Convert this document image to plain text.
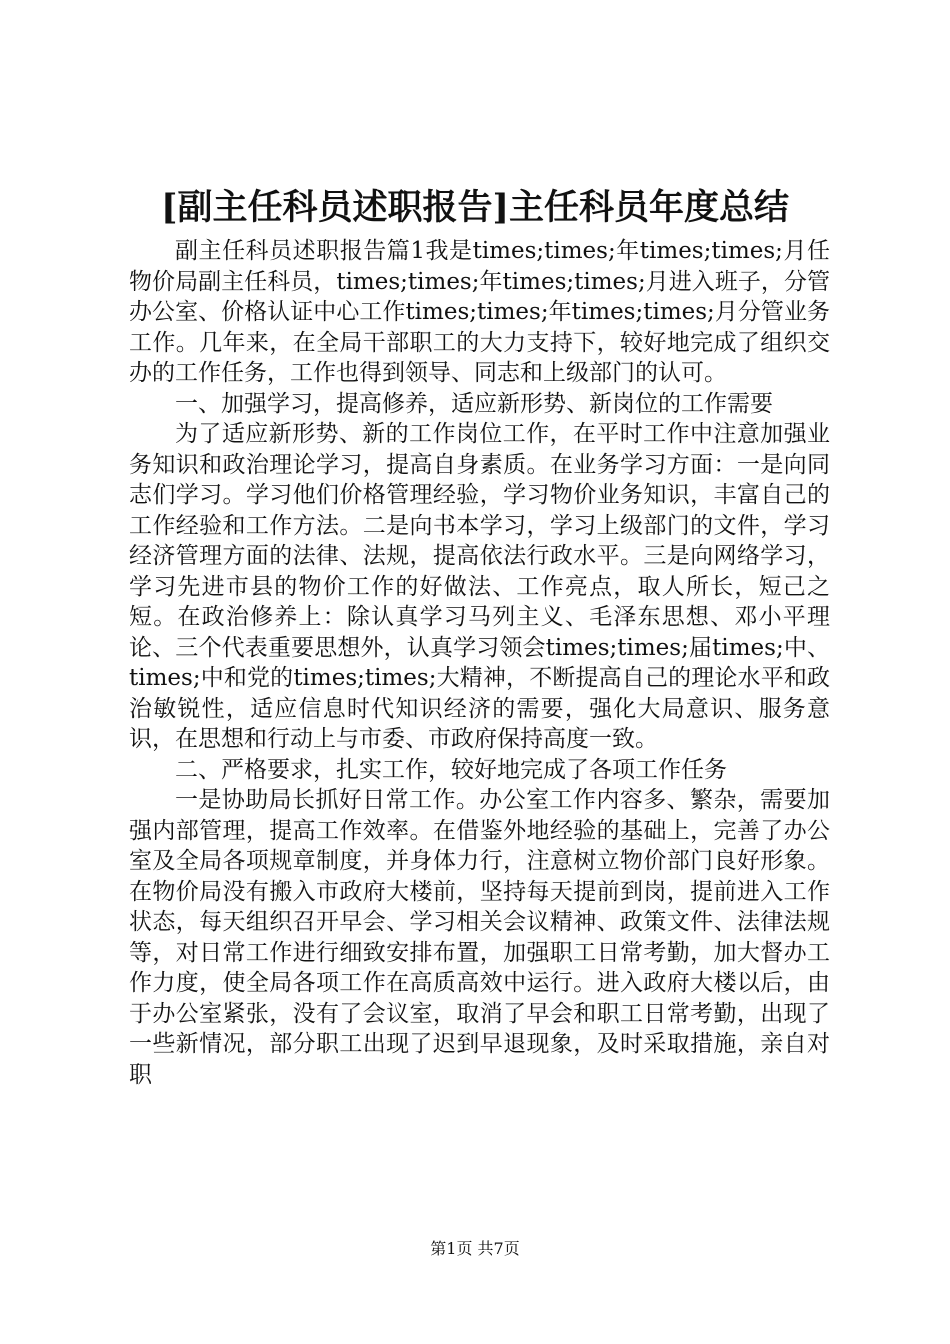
[副主任科员述职报告]主任科员年度总结

副主任科员述职报告篇1我是times;times;年times;times;月任物价局副主任科员，times;times;年times;times;月进入班子，分管办公室、价格认证中心工作times;times;年times;times;月分管业务工作。几年来，在全局干部职工的大力支持下，较好地完成了组织交办的工作任务，工作也得到领导、同志和上级部门的认可。

一、加强学习，提高修养，适应新形势、新岗位的工作需要

为了适应新形势、新的工作岗位工作，在平时工作中注意加强业务知识和政治理论学习，提高自身素质。在业务学习方面：一是向同志们学习。学习他们价格管理经验，学习物价业务知识，丰富自己的工作经验和工作方法。二是向书本学习，学习上级部门的文件，学习经济管理方面的法律、法规，提高依法行政水平。三是向网络学习，学习先进市县的物价工作的好做法、工作亮点，取人所长，短己之短。在政治修养上：除认真学习马列主义、毛泽东思想、邓小平理论、三个代表重要思想外，认真学习领会times;times;届times;中、times;中和党的times;times;大精神，不断提高自己的理论水平和政治敏锐性，适应信息时代知识经济的需要，强化大局意识、服务意识，在思想和行动上与市委、市政府保持高度一致。

二、严格要求，扎实工作，较好地完成了各项工作任务

一是协助局长抓好日常工作。办公室工作内容多、繁杂，需要加强内部管理，提高工作效率。在借鉴外地经验的基础上，完善了办公室及全局各项规章制度，并身体力行，注意树立物价部门良好形象。在物价局没有搬入市政府大楼前，坚持每天提前到岗，提前进入工作状态，每天组织召开早会、学习相关会议精神、政策文件、法律法规等，对日常工作进行细致安排布置，加强职工日常考勤，加大督办工作力度，使全局各项工作在高质高效中运行。进入政府大楼以后，由于办公室紧张，没有了会议室，取消了早会和职工日常考勤，出现了一些新情况，部分职工出现了迟到早退现象，及时采取措施，亲自对职

第1页 共7页
